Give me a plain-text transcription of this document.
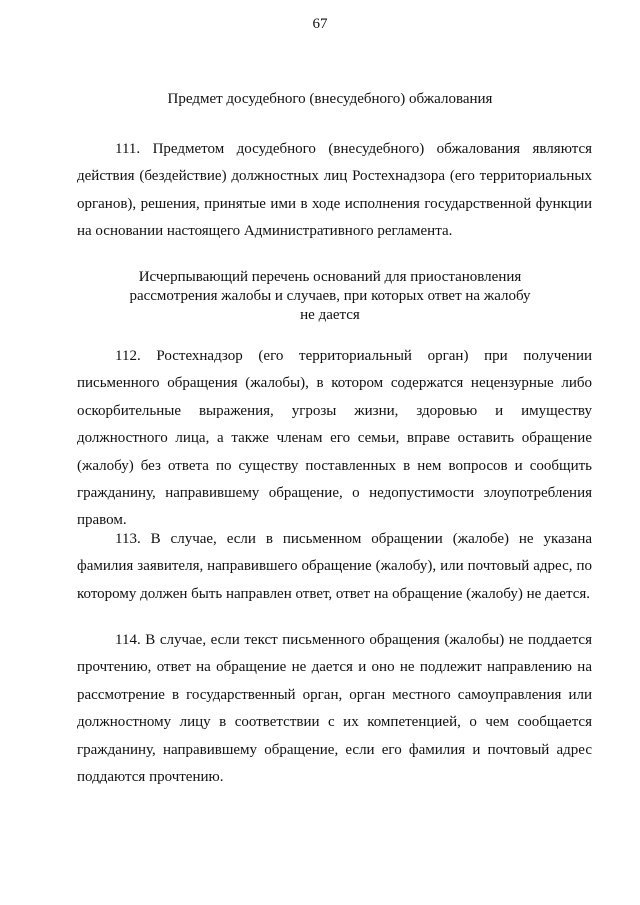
67
Предмет досудебного (внесудебного) обжалования

111. Предметом досудебного (внесудебного) обжалования являются действия (бездействие) должностных лиц Ростехнадзора (его территориальных органов), решения, принятые ими в ходе исполнения государственной функции на основании настоящего Административного регламента.

Исчерпывающий перечень оснований для приостановления
рассмотрения жалобы и случаев, при которых ответ на жалобу
не дается

112. Ростехнадзор (его территориальный орган) при получении письменного обращения (жалобы), в котором содержатся нецензурные либо оскорбительные выражения, угрозы жизни, здоровью и имуществу должностного лица, а также членам его семьи, вправе оставить обращение (жалобу) без ответа по существу поставленных в нем вопросов и сообщить гражданину, направившему обращение, о недопустимости злоупотребления правом.

113. В случае, если в письменном обращении (жалобе) не указана фамилия заявителя, направившего обращение (жалобу), или почтовый адрес, по которому должен быть направлен ответ, ответ на обращение (жалобу) не дается.

114. В случае, если текст письменного обращения (жалобы) не поддается прочтению, ответ на обращение не дается и оно не подлежит направлению на рассмотрение в государственный орган, орган местного самоуправления или должностному лицу в соответствии с их компетенцией, о чем сообщается гражданину, направившему обращение, если его фамилия и почтовый адрес поддаются прочтению.
